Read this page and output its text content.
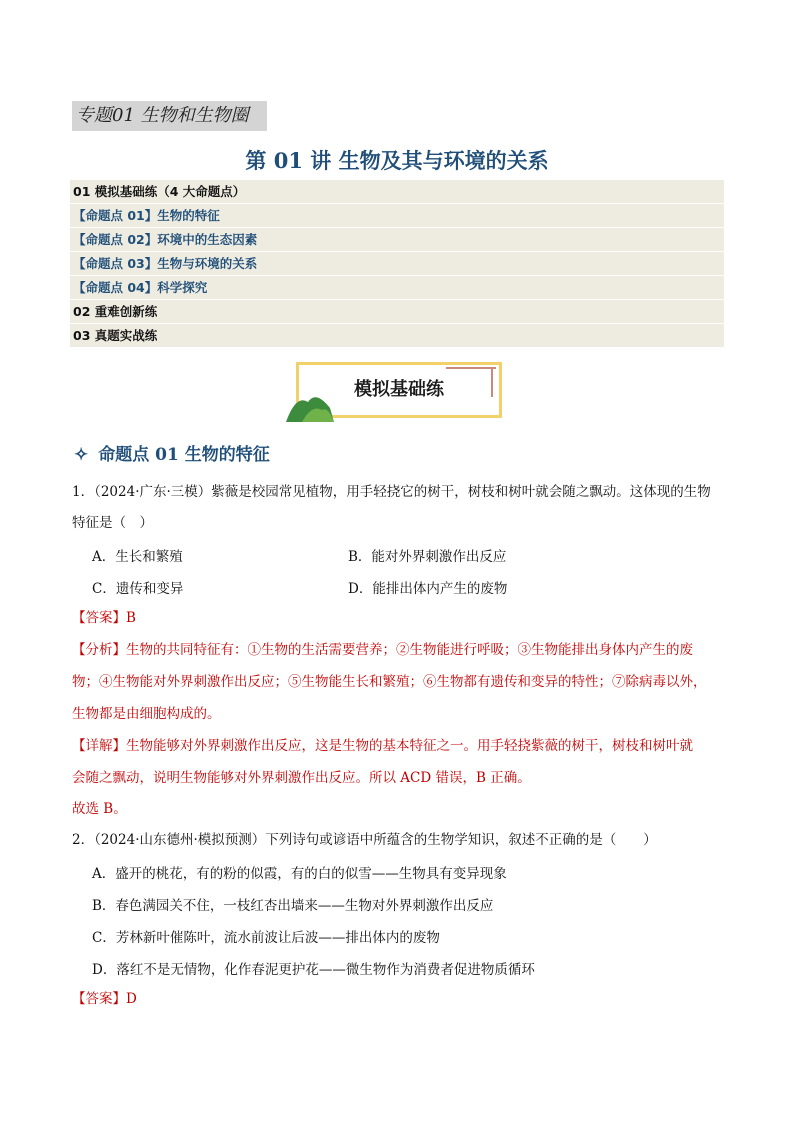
专题01 生物和生物圈
第 01 讲 生物及其与环境的关系
01 模拟基础练（4 大命题点）
【命题点 01】生物的特征
【命题点 02】环境中的生态因素
【命题点 03】生物与环境的关系
【命题点 04】科学探究
02 重难创新练
03 真题实战练
模拟基础练
✧ 命题点 01 生物的特征
1．（2024·广东·三模）紫薇是校园常见植物，用手轻挠它的树干，树枝和树叶就会随之飘动。这体现的生物
特征是（　）
A．生长和繁殖	B．能对外界刺激作出反应
C．遗传和变异	D．能排出体内产生的废物
【答案】B
【分析】生物的共同特征有：①生物的生活需要营养；②生物能进行呼吸；③生物能排出身体内产生的废
物；④生物能对外界刺激作出反应；⑤生物能生长和繁殖；⑥生物都有遗传和变异的特性；⑦除病毒以外，
生物都是由细胞构成的。
【详解】生物能够对外界刺激作出反应，这是生物的基本特征之一。用手轻挠紫薇的树干，树枝和树叶就
会随之飘动，说明生物能够对外界刺激作出反应。所以 ACD 错误，B 正确。
故选 B。
2．（2024·山东德州·模拟预测）下列诗句或谚语中所蕴含的生物学知识，叙述不正确的是（　　）
A．盛开的桃花，有的粉的似霞，有的白的似雪——生物具有变异现象
B．春色满园关不住，一枝红杏出墙来——生物对外界刺激作出反应
C．芳林新叶催陈叶，流水前波让后波——排出体内的废物
D．落红不是无情物，化作春泥更护花——微生物作为消费者促进物质循环
【答案】D
